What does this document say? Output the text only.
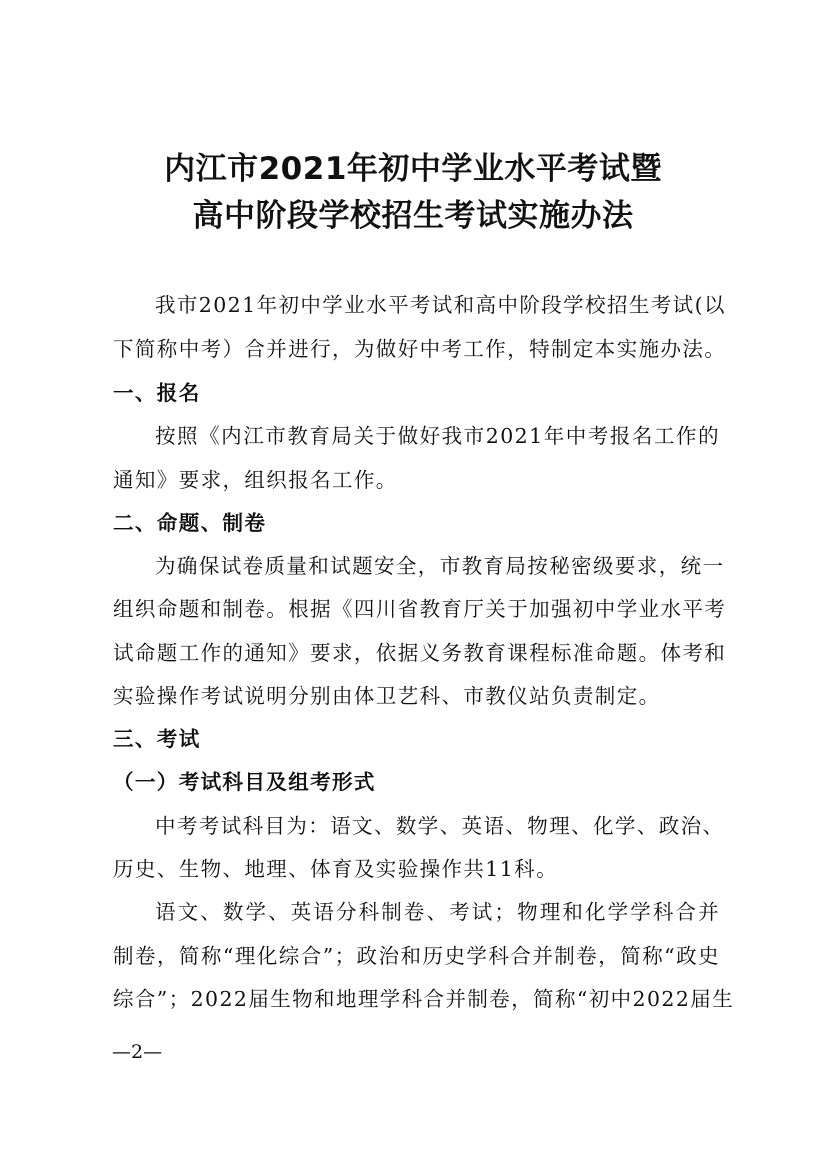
内江市2021年初中学业水平考试暨
高中阶段学校招生考试实施办法
我市2021年初中学业水平考试和高中阶段学校招生考试(以
下简称中考）合并进行，为做好中考工作，特制定本实施办法。
一、报名
按照《内江市教育局关于做好我市2021年中考报名工作的
通知》要求，组织报名工作。
二、命题、制卷
为确保试卷质量和试题安全，市教育局按秘密级要求，统一
组织命题和制卷。根据《四川省教育厅关于加强初中学业水平考
试命题工作的通知》要求，依据义务教育课程标准命题。体考和
实验操作考试说明分别由体卫艺科、市教仪站负责制定。
三、考试
（一）考试科目及组考形式
中考考试科目为：语文、数学、英语、物理、化学、政治、
历史、生物、地理、体育及实验操作共11科。
语文、数学、英语分科制卷、考试；物理和化学学科合并
制卷，简称“理化综合”；政治和历史学科合并制卷，简称“政史
综合”；2022届生物和地理学科合并制卷，简称“初中2022届生
—2—
